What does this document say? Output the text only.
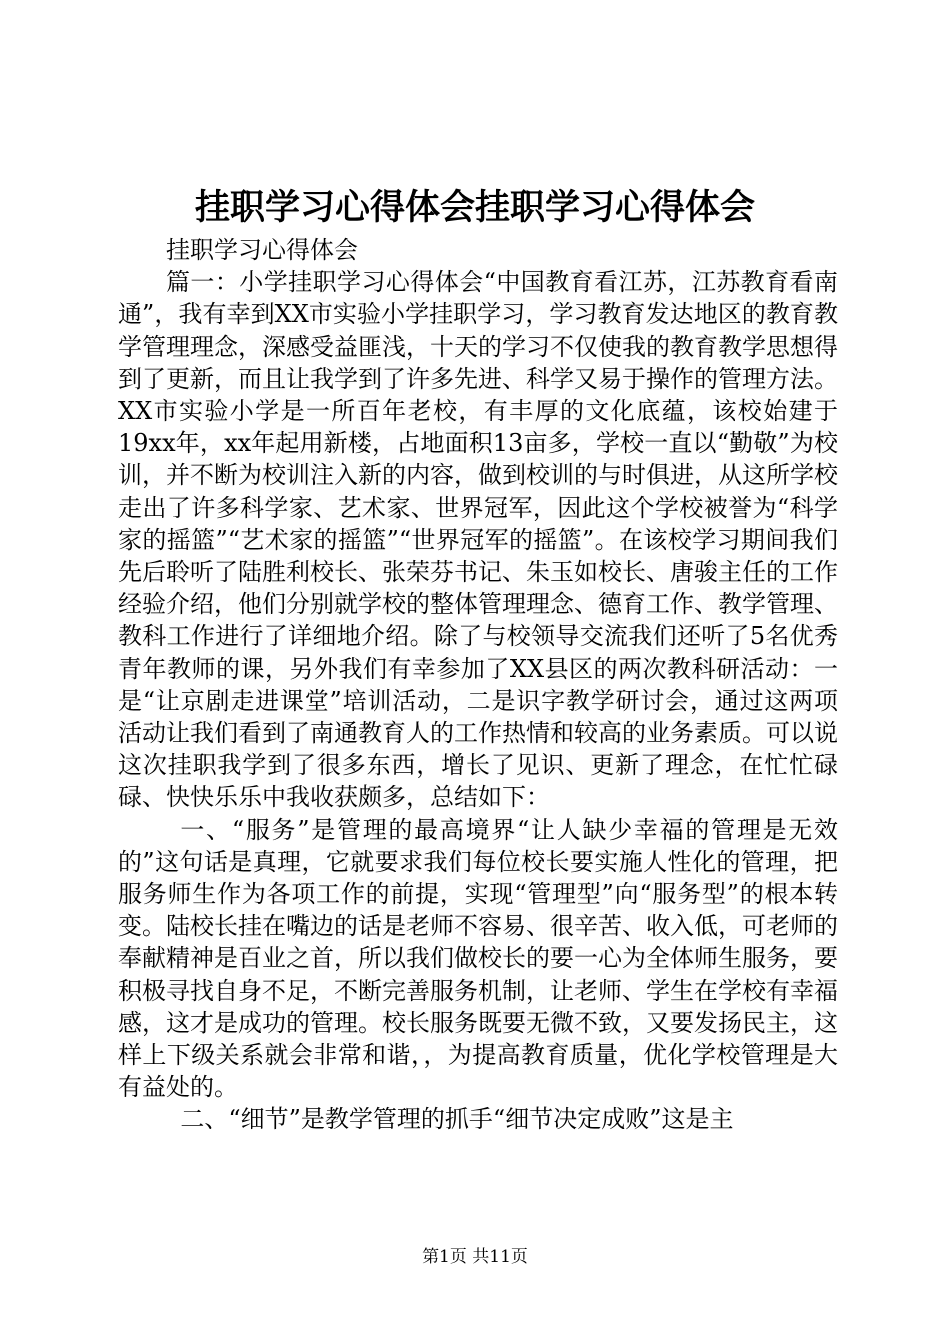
挂职学习心得体会挂职学习心得体会

挂职学习心得体会

篇一：小学挂职学习心得体会“中国教育看江苏，江苏教育看南通”，我有幸到XX市实验小学挂职学习，学习教育发达地区的教育教学管理理念，深感受益匪浅，十天的学习不仅使我的教育教学思想得到了更新，而且让我学到了许多先进、科学又易于操作的管理方法。XX市实验小学是一所百年老校，有丰厚的文化底蕴，该校始建于19xx年，xx年起用新楼，占地面积13亩多，学校一直以“勤敬”为校训，并不断为校训注入新的内容，做到校训的与时俱进，从这所学校走出了许多科学家、艺术家、世界冠军，因此这个学校被誉为“科学家的摇篮”“艺术家的摇篮”“世界冠军的摇篮”。在该校学习期间我们先后聆听了陆胜利校长、张荣芬书记、朱玉如校长、唐骏主任的工作经验介绍，他们分别就学校的整体管理理念、德育工作、教学管理、教科工作进行了详细地介绍。除了与校领导交流我们还听了5名优秀青年教师的课，另外我们有幸参加了XX县区的两次教科研活动：一是“让京剧走进课堂”培训活动，二是识字教学研讨会，通过这两项活动让我们看到了南通教育人的工作热情和较高的业务素质。可以说这次挂职我学到了很多东西，增长了见识、更新了理念，在忙忙碌碌、快快乐乐中我收获颇多，总结如下：

一、“服务”是管理的最高境界“让人缺少幸福的管理是无效的”这句话是真理，它就要求我们每位校长要实施人性化的管理，把服务师生作为各项工作的前提，实现“管理型”向“服务型”的根本转变。陆校长挂在嘴边的话是老师不容易、很辛苦、收入低，可老师的奉献精神是百业之首，所以我们做校长的要一心为全体师生服务，要积极寻找自身不足，不断完善服务机制，让老师、学生在学校有幸福感，这才是成功的管理。校长服务既要无微不致，又要发扬民主，这样上下级关系就会非常和谐，，为提高教育质量，优化学校管理是大有益处的。

二、“细节”是教学管理的抓手“细节决定成败”这是主

第1页 共11页
